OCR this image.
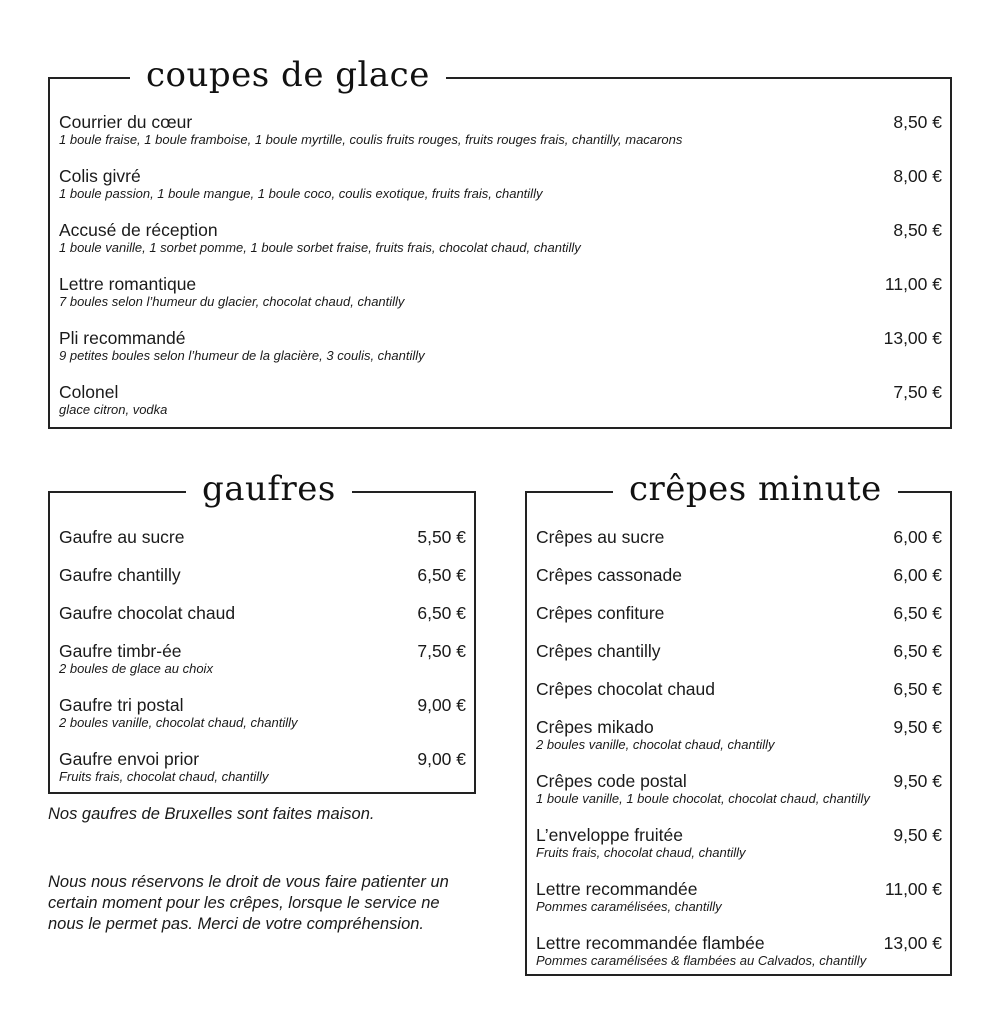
coupes de glace
Courrier du cœur	8,50 €
1 boule fraise, 1 boule framboise, 1 boule myrtille, coulis fruits rouges, fruits rouges frais, chantilly, macarons
Colis givré	8,00 €
1 boule passion, 1 boule mangue, 1 boule coco, coulis exotique, fruits frais, chantilly
Accusé de réception	8,50 €
1 boule vanille, 1 sorbet pomme, 1 boule sorbet fraise, fruits frais, chocolat chaud, chantilly
Lettre romantique	11,00 €
7 boules selon l’humeur du glacier, chocolat chaud, chantilly
Pli recommandé	13,00 €
9 petites boules selon l’humeur de la glacière, 3 coulis, chantilly
Colonel	7,50 €
glace citron, vodka
gaufres
Gaufre au sucre	5,50 €
Gaufre chantilly	6,50 €
Gaufre chocolat chaud	6,50 €
Gaufre timbr-ée	7,50 €
2 boules de glace au choix
Gaufre tri postal	9,00 €
2 boules vanille, chocolat chaud, chantilly
Gaufre envoi prior	9,00 €
Fruits frais, chocolat chaud, chantilly
crêpes minute
Crêpes au sucre	6,00 €
Crêpes cassonade	6,00 €
Crêpes confiture	6,50 €
Crêpes chantilly	6,50 €
Crêpes chocolat chaud	6,50 €
Crêpes mikado	9,50 €
2 boules vanille, chocolat chaud, chantilly
Crêpes code postal	9,50 €
1 boule vanille, 1 boule chocolat, chocolat chaud, chantilly
L’enveloppe fruitée	9,50 €
Fruits frais, chocolat chaud, chantilly
Lettre recommandée	11,00 €
Pommes caramélisées, chantilly
Lettre recommandée flambée	13,00 €
Pommes caramélisées & flambées au Calvados, chantilly
Nos gaufres de Bruxelles sont faites maison.
Nous nous réservons le droit de vous faire patienter un certain moment pour les crêpes, lorsque le service ne nous le permet pas. Merci de votre compréhension.
